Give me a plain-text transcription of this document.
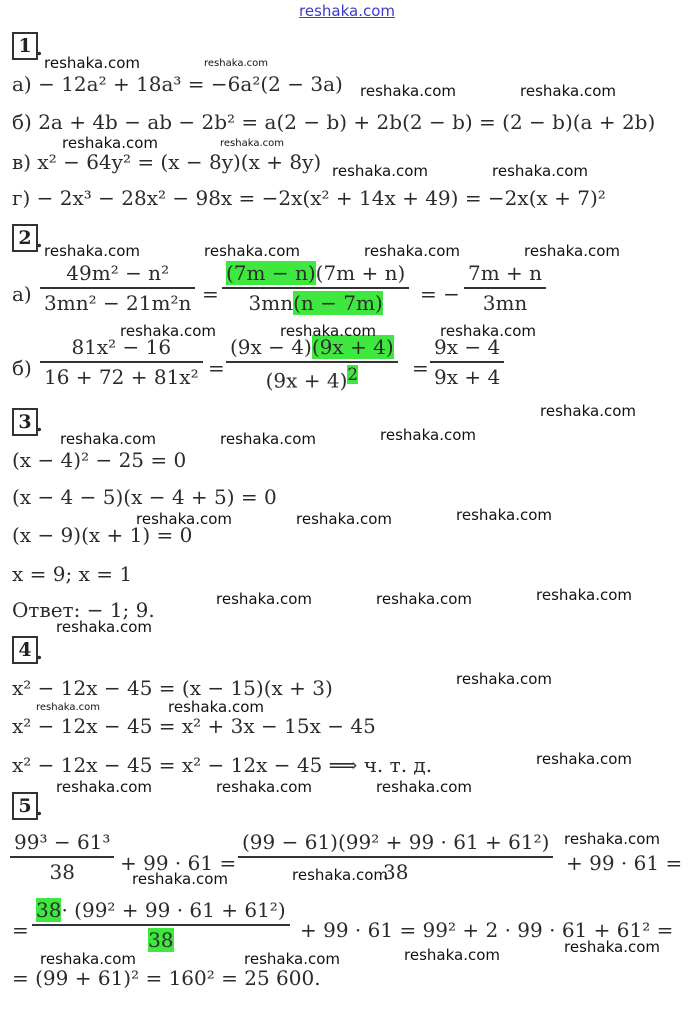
reshaka.com
1 .
а) − 12a² + 18a³ = −6a²(2 − 3a)
б) 2a + 4b − ab − 2b² = a(2 − b) + 2b(2 − b) = (2 − b)(a + 2b)
в) x² − 64y² = (x − 8y)(x + 8y)
г) − 2x³ − 28x² − 98x = −2x(x² + 14x + 49) = −2x(x + 7)²
2 .
а)
49m² − n²
3mn² − 21m²n =
(7m − n)(7m + n)
3mn(n − 7m) = −
7m + n
3mn
б)
81x² − 16
16 + 72 + 81x² =
(9x − 4)(9x + 4)
$(9x + 4)^2$	=
9x − 4
9x + 4
3 .
(x − 4)² − 25 = 0
(x − 4 − 5)(x − 4 + 5) = 0
(x − 9)(x + 1) = 0
x = 9; x = 1
Ответ: − 1; 9.
4 .
x² − 12x − 45 = (x − 15)(x + 3)
x² − 12x − 45 = x² + 3x − 15x − 45
x² − 12x − 45 = x² − 12x − 45 ⟹ ч. т. д.
5 .
99³ − 61³
38 + 99 · 61 =
(99 − 61)(99² + 99 · 61 + 61²)
38	+ 99 · 61 =
=
38· (99² + 99 · 61 + 61²)
38	+ 99 · 61 = 99² + 2 · 99 · 61 + 61² =
= (99 + 61)² = 160² = 25 600.
reshaka.com	reshaka.com
reshaka.com	reshaka.com
reshaka.com	reshaka.com
reshaka.com	reshaka.com
reshaka.com	reshaka.com	reshaka.com	reshaka.com
reshaka.com	reshaka.com	reshaka.com
reshaka.com
reshaka.com	reshaka.com	reshaka.com
reshaka.com	reshaka.com	reshaka.com
reshaka.com
reshaka.com	reshaka.com
reshaka.com
reshaka.com
reshaka.com	reshaka.com
reshaka.com
reshaka.com	reshaka.com	reshaka.com
reshaka.com
reshaka.com	reshaka.com
reshaka.com
reshaka.com	reshaka.com	reshaka.com
